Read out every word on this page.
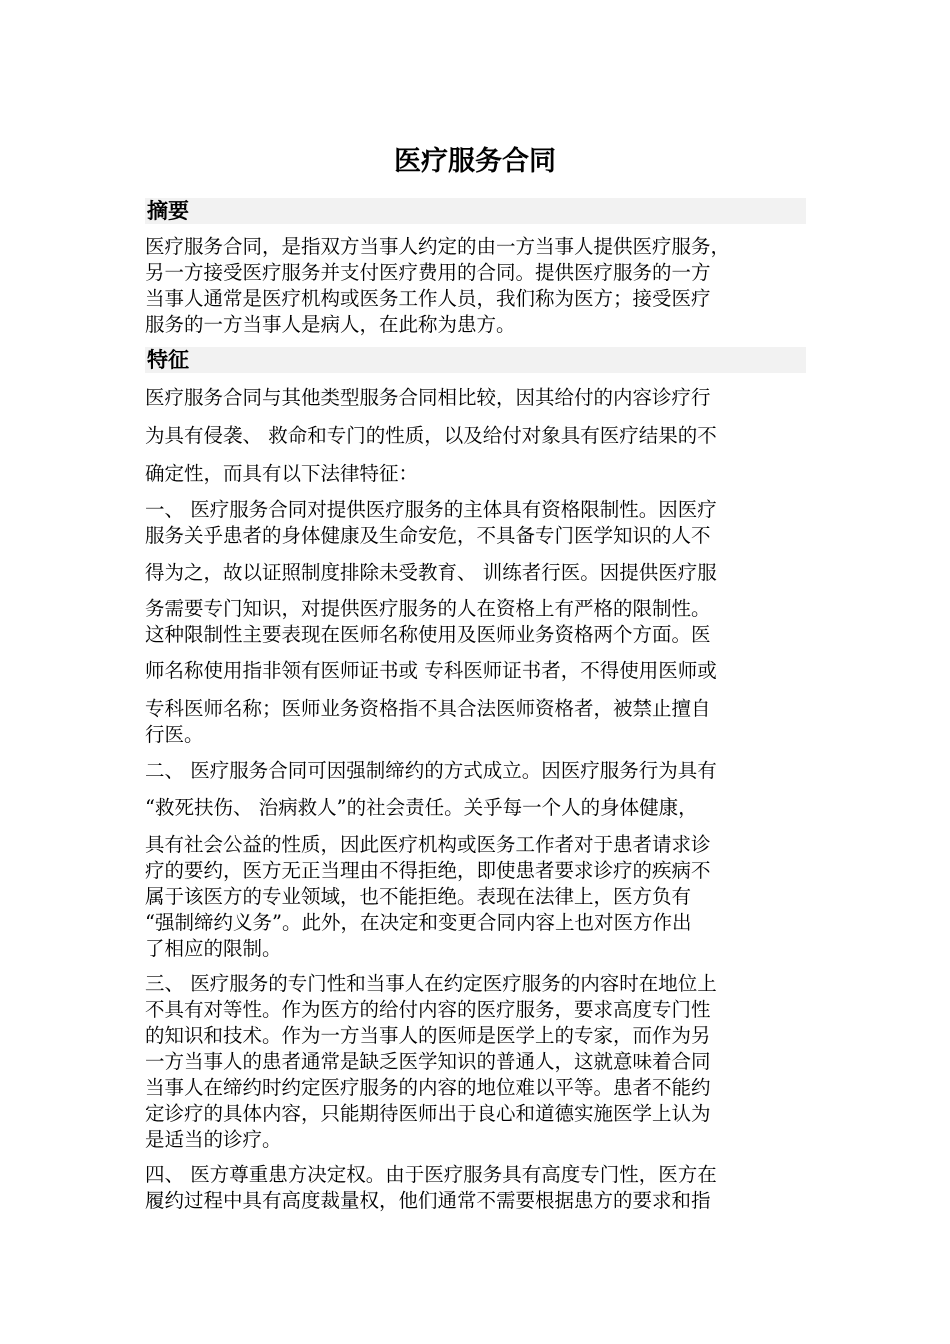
医疗服务合同
摘要
医疗服务合同，是指双方当事人约定的由一方当事人提供医疗服务，
另一方接受医疗服务并支付医疗费用的合同。提供医疗服务的一方
当事人通常是医疗机构或医务工作人员，我们称为医方；接受医疗
服务的一方当事人是病人，在此称为患方。
特征
医疗服务合同与其他类型服务合同相比较，因其给付的内容诊疗行
为具有侵袭、 救命和专门的性质，以及给付对象具有医疗结果的不
确定性，而具有以下法律特征：
一、 医疗服务合同对提供医疗服务的主体具有资格限制性。因医疗
服务关乎患者的身体健康及生命安危，不具备专门医学知识的人不
得为之，故以证照制度排除未受教育、 训练者行医。因提供医疗服
务需要专门知识，对提供医疗服务的人在资格上有严格的限制性。
这种限制性主要表现在医师名称使用及医师业务资格两个方面。医
师名称使用指非领有医师证书或 专科医师证书者，不得使用医师或
专科医师名称；医师业务资格指不具合法医师资格者，被禁止擅自
行医。
二、 医疗服务合同可因强制缔约的方式成立。因医疗服务行为具有
“救死扶伤、 治病救人”的社会责任。关乎每一个人的身体健康，
具有社会公益的性质，因此医疗机构或医务工作者对于患者请求诊
疗的要约，医方无正当理由不得拒绝，即使患者要求诊疗的疾病不
属于该医方的专业领域，也不能拒绝。表现在法律上，医方负有
“强制缔约义务”。此外，在决定和变更合同内容上也对医方作出
了相应的限制。
三、 医疗服务的专门性和当事人在约定医疗服务的内容时在地位上
不具有对等性。作为医方的给付内容的医疗服务，要求高度专门性
的知识和技术。作为一方当事人的医师是医学上的专家，而作为另
一方当事人的患者通常是缺乏医学知识的普通人，这就意味着合同
当事人在缔约时约定医疗服务的内容的地位难以平等。患者不能约
定诊疗的具体内容，只能期待医师出于良心和道德实施医学上认为
是适当的诊疗。
四、 医方尊重患方决定权。由于医疗服务具有高度专门性，医方在
履约过程中具有高度裁量权，他们通常不需要根据患方的要求和指
